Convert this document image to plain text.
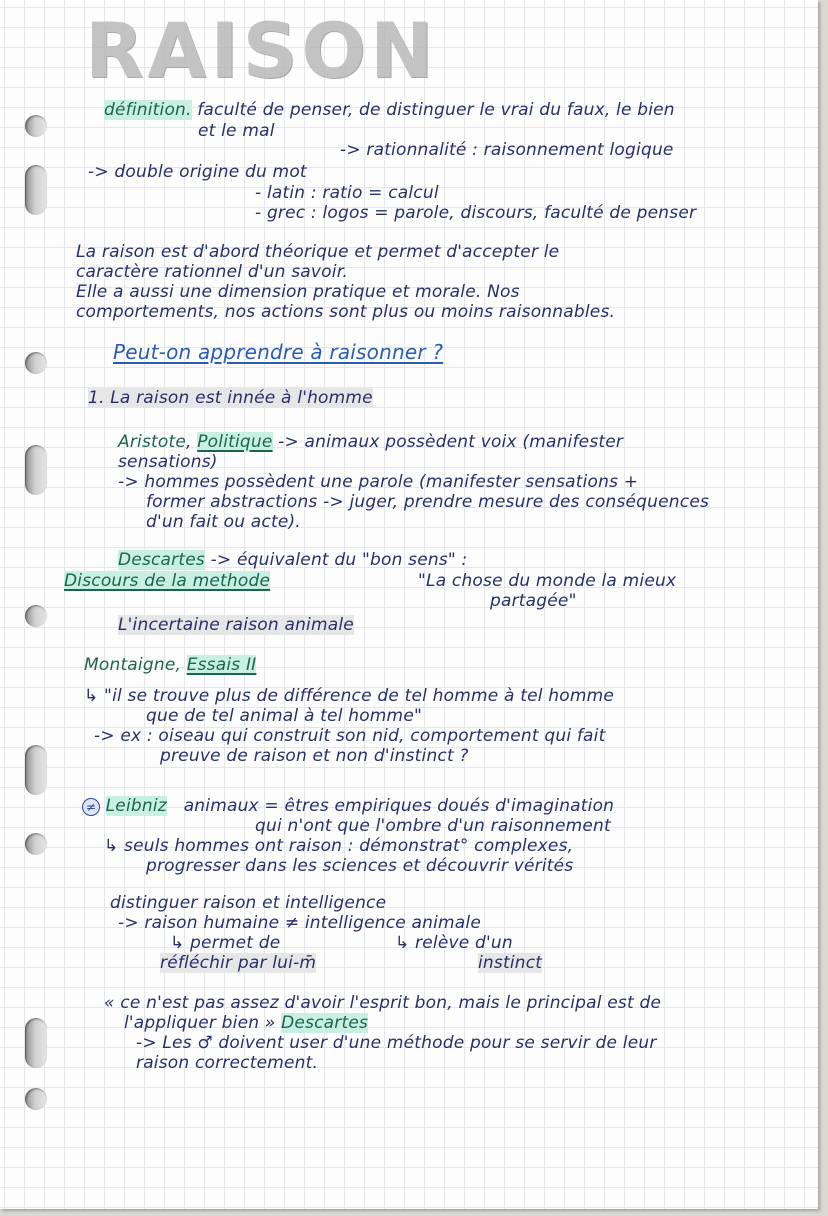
RAISON
définition. faculté de penser, de distinguer le vrai du faux, le bien
et le mal
-> rationnalité : raisonnement logique
-> double origine du mot
- latin : ratio = calcul
- grec : logos = parole, discours, faculté de penser
La raison est d'abord théorique et permet d'accepter le
caractère rationnel d'un savoir.
Elle a aussi une dimension pratique et morale. Nos
comportements, nos actions sont plus ou moins raisonnables.
Peut-on apprendre à raisonner ?
1. La raison est innée à l'homme
Aristote, Politique -> animaux possèdent voix (manifester
sensations)
-> hommes possèdent une parole (manifester sensations +
former abstractions -> juger, prendre mesure des conséquences
d'un fait ou acte).
Descartes -> équivalent du "bon sens" :
Discours de la methode	"La chose du monde la mieux
partagée"
L'incertaine raison animale
Montaigne, Essais II
↳ "il se trouve plus de différence de tel homme à tel homme
que de tel animal à tel homme"
-> ex : oiseau qui construit son nid, comportement qui fait
preuve de raison et non d'instinct ?
≠ Leibniz animaux = êtres empiriques doués d'imagination
qui n'ont que l'ombre d'un raisonnement
↳ seuls hommes ont raison : démonstrat° complexes,
progresser dans les sciences et découvrir vérités
distinguer raison et intelligence
-> raison humaine ≠ intelligence animale
↳ permet de	↳ relève d'un
réfléchir par lui-m̄	instinct
« ce n'est pas assez d'avoir l'esprit bon, mais le principal est de
l'appliquer bien » Descartes
-> Les ♂ doivent user d'une méthode pour se servir de leur
raison correctement.
